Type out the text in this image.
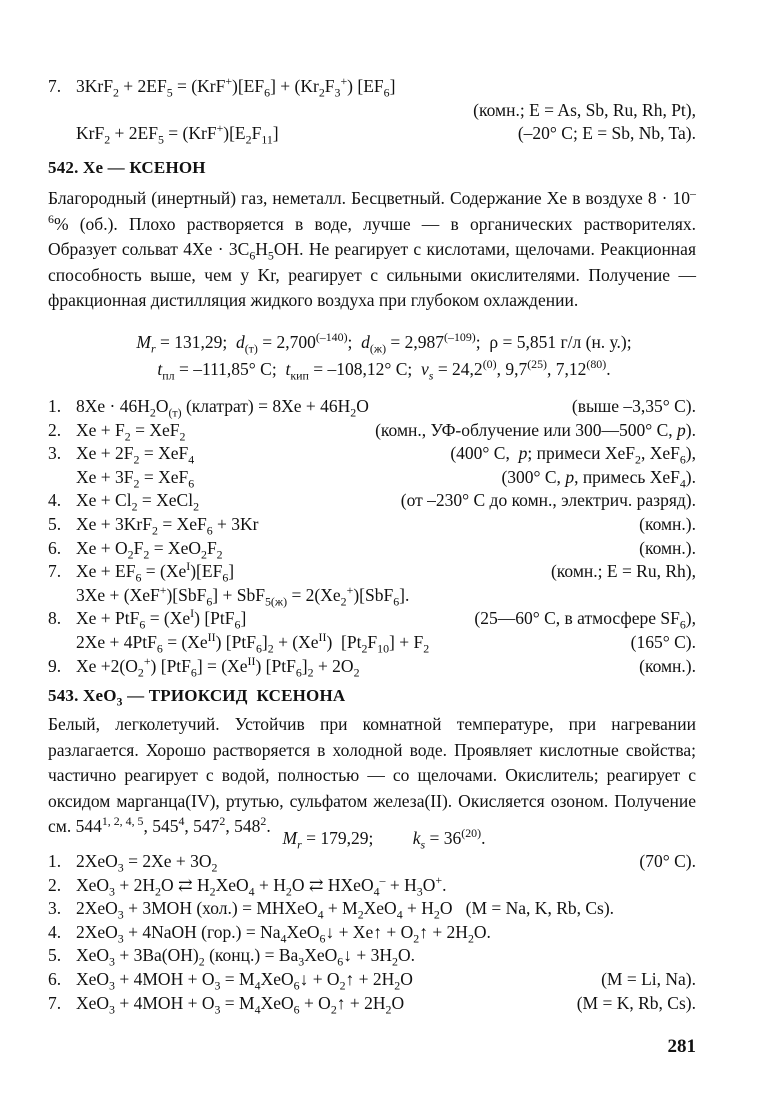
7. $3KrF_2 + 2EF_5 = (KrF^+)[EF_6] + (Kr_2F_3^+)$ $[EF_6]$
(комн.; E = As, Sb, Ru, Rh, Pt),
$KrF_2 + 2EF_5 = (KrF^+)[E_2F_{11}]$	(–20° C; E = Sb, Nb, Ta).
542. Xe — КСЕНОН
Благородный (инертный) газ, неметалл. Бесцветный. Содержание Xe в воздухе $8 \cdot 10^{-6}\%$ (об.). Плохо растворяется в воде, лучше — в органических растворителях. Образует сольват $4Xe \cdot 3C_6H_5OH$. Не реагирует с кислотами, щелочами. Реакционная способность выше, чем у Kr, реагирует с сильными окислителями. Получение — фракционная дистилляция жидкого воздуха при глубоком охлаждении.
$M_r = 131,29$;  $d_{(т)} = 2,700^{(-140)}$;  $d_{(ж)} = 2,987^{(-109)}$;  ρ = 5,851 г/л (н. у.);
$t_{пл} = -111,85^\circ$ C;  $t_{кип} = -108,12^\circ$ C;  $v_s = 24,2^{(0)}$, 9,7$^{(25)}$, 7,12$^{(80)}$.
1. $8Xe \cdot 46H_2O_{(т)}$ (клатрат) = $8Xe + 46H_2O$	(выше –3,35° C).
2. $Xe + F_2 = XeF_2$	(комн., УФ-облучение или 300—500° C, p).
3. $Xe + 2F_2 = XeF_4$	(400° C,  p; примеси XeF$_2$, XeF$_6$),
$Xe + 3F_2 = XeF_6$	(300° C, p, примесь XeF$_4$).
4. $Xe + Cl_2$ = XeCl$_2$	(от –230° C до комн., электрич. разряд).
5. Xe + 3KrF$_2$ = XeF$_6$ + 3Kr	(комн.).
6. $Xe + O_2F_2 = XeO_2F_2$	(комн.).
7. $Xe + EF_6 = (Xe^I)[EF_6]$	(комн.; E = Ru, Rh),
$3Xe + (XeF^+)[SbF_6] + SbF_{5(ж)} = 2(Xe_2^+)[SbF_6]$.
8. $Xe + PtF_6 = (Xe^I)$ [PtF$_6$]	(25—60° C, в атмосфере $SF_6$),
$2Xe + 4PtF_6 = (Xe^{II}) [PtF_6]_2 + (Xe^{II}) [Pt_2F_{10}] + F_2$	(165° C).
9. $Xe +2(O_2^+) [PtF_6] = (Xe^{II}) [PtF_6]_2 + 2O_2$	(комн.).
543. XeO$_3$ — ТРИОКСИД  КСЕНОНА
Белый, легколетучий. Устойчив при комнатной температуре, при нагревании разлагается. Хорошо растворяется в холодной воде. Проявляет кислотные свойства; частично реагирует с водой, полностью — со щелочами. Окислитель; реагирует с оксидом марганца(IV), ртутью, сульфатом железа(II). Окисляется озоном. Получение см. 544$^{1, 2, 4, 5}$, $545^4$, $547^2$, $548^2$.
$M_r = 179,29$;         $k_s = 36^{(20)}$.
1. $2XeO_3 = 2Xe + 3O_2$	(70° C).
2. $XeO_3 + 2H_2O$ ⇄ $H_2XeO_4 + H_2O$ ⇄ HXeO$_4$– + $H_3O^+$.
3. 2XeO$_3$ + 3MOH (хол.) = MHXeO$_4$ + $M_2XeO_4 + H_2O$   (M = Na, K, Rb, Cs).
4. 2XeO$_3$ + 4NaOH $(гор.) = Na_4XeO_6↓$ + Xe↑ + $O_2↑ + 2H_2O$.
5. $XeO_3 + 3Ba(OH)_2$ (конц.) = $Ba_3XeO_6↓ + 3H_2O$.
6. $XeO_3 + 4MOH + O_3$ = $M_4XeO_6↓$ + $O_2↑ + 2H_2O$	(M = Li, Na).
7. $XeO_3 + 4MOH + O_3 = M_4XeO_6$ + $O_2↑ + 2H_2O$	(M = K, Rb, Cs).
281
